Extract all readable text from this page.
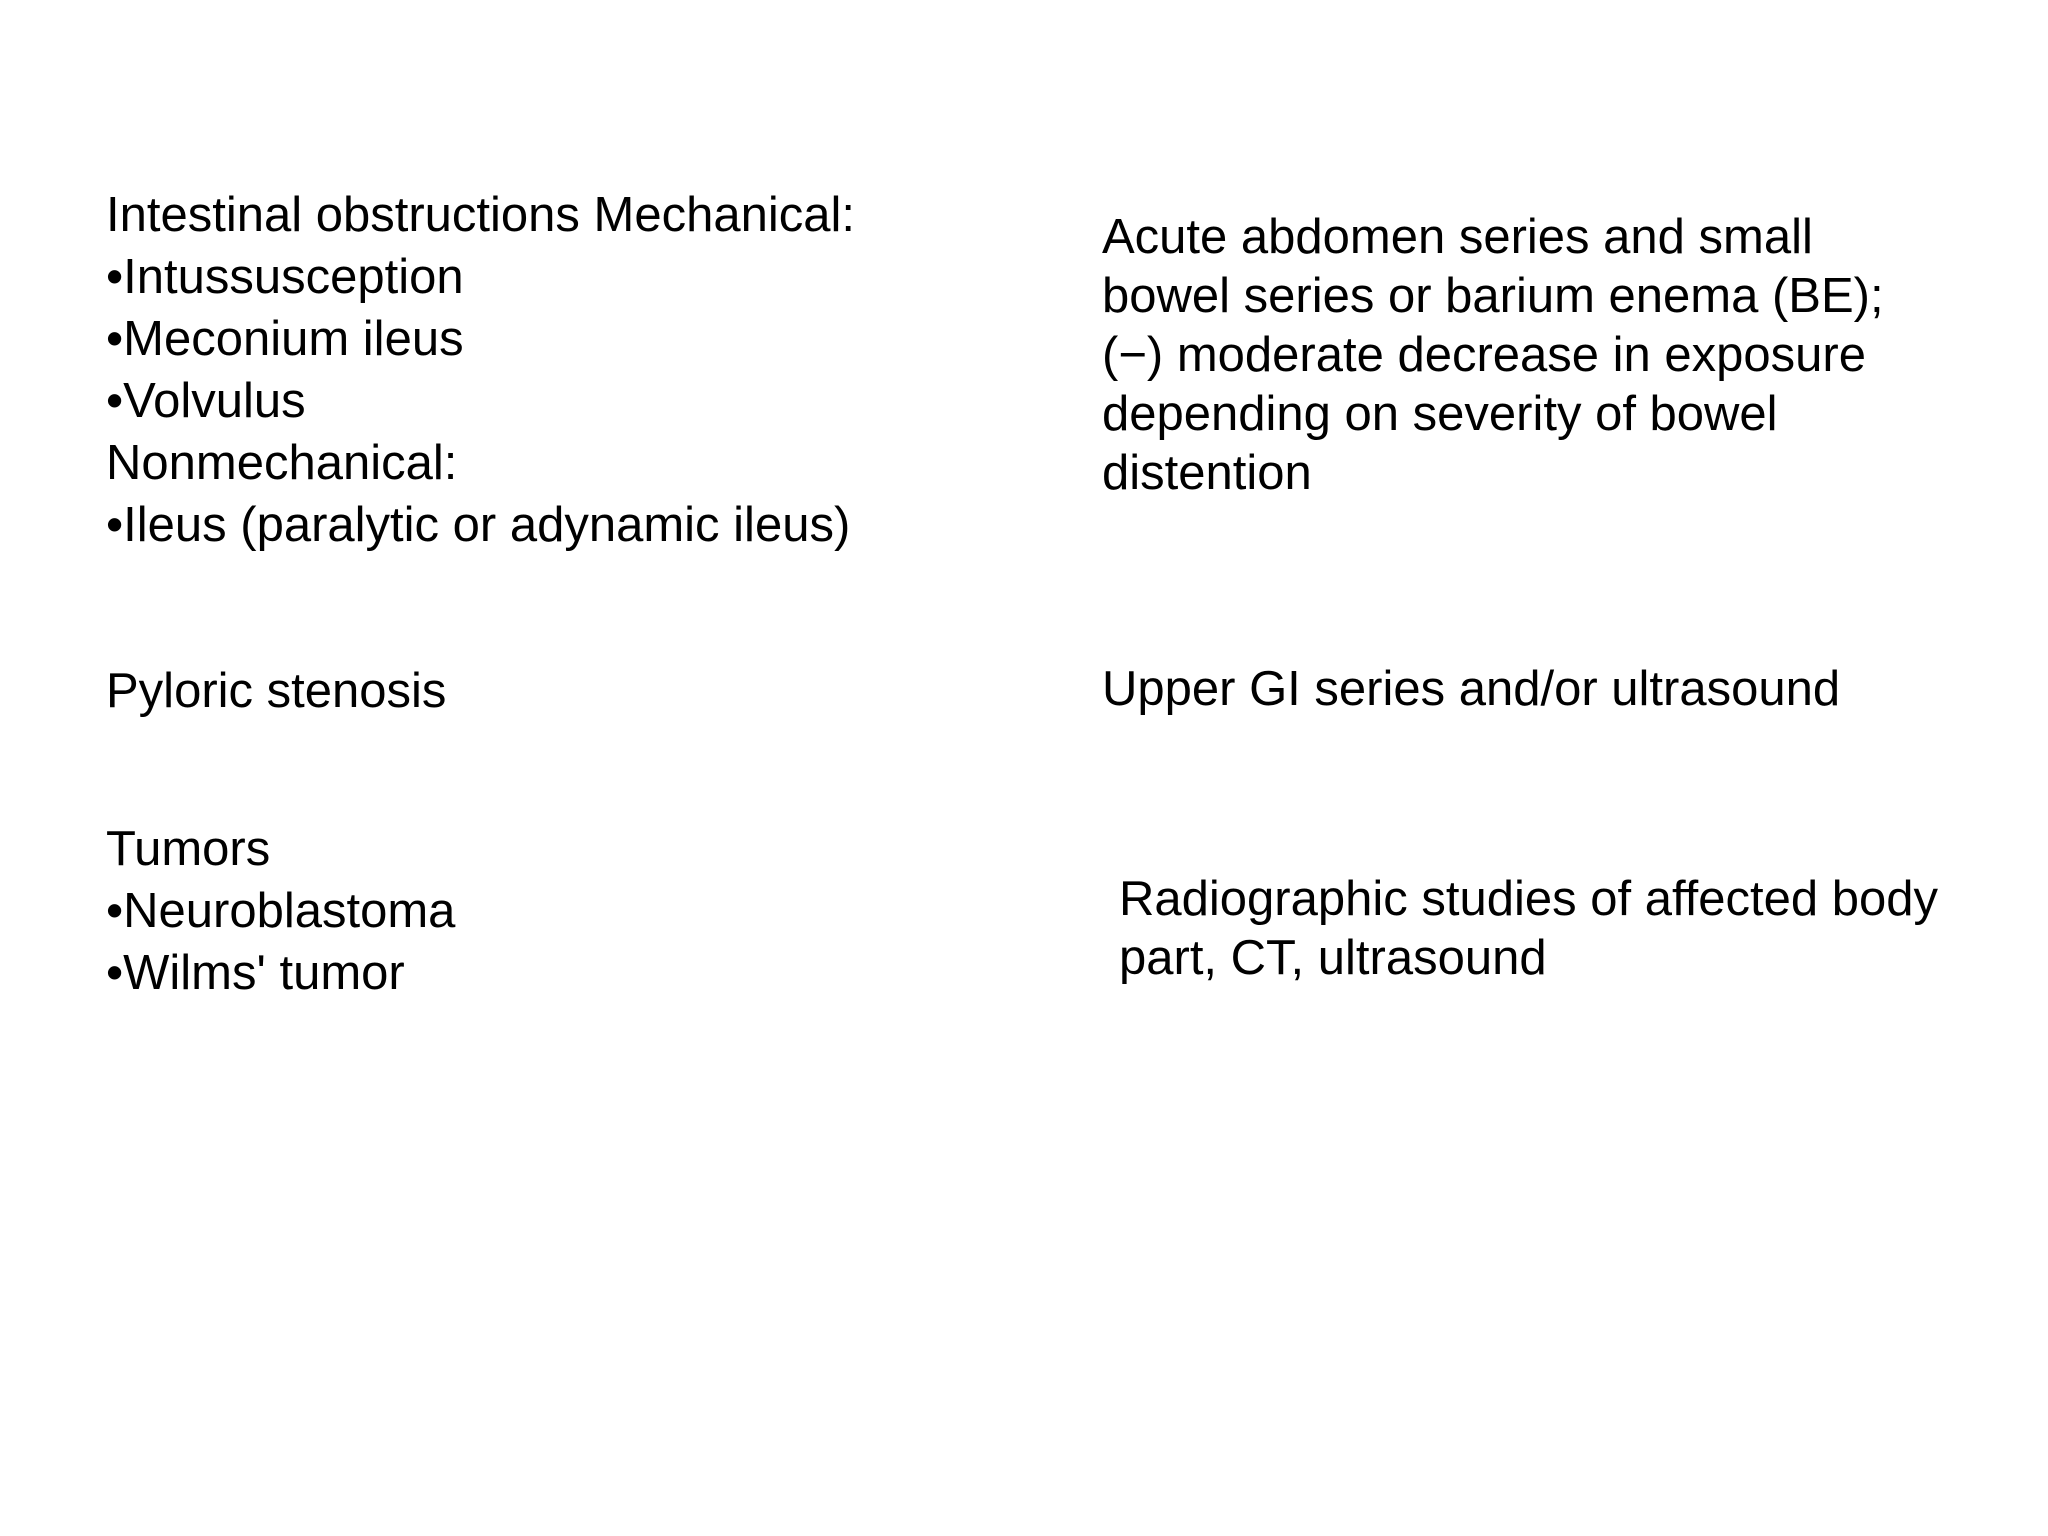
Intestinal obstructions Mechanical:
•Intussusception
•Meconium ileus
•Volvulus
Nonmechanical:
•Ileus (paralytic or adynamic ileus)
Acute abdomen series and small
bowel series or barium enema (BE);
(−) moderate decrease in exposure
depending on severity of bowel
distention
Pyloric stenosis	Upper GI series and/or ultrasound
Tumors
•Neuroblastoma
•Wilms' tumor
Radiographic studies of affected body
part, CT, ultrasound
